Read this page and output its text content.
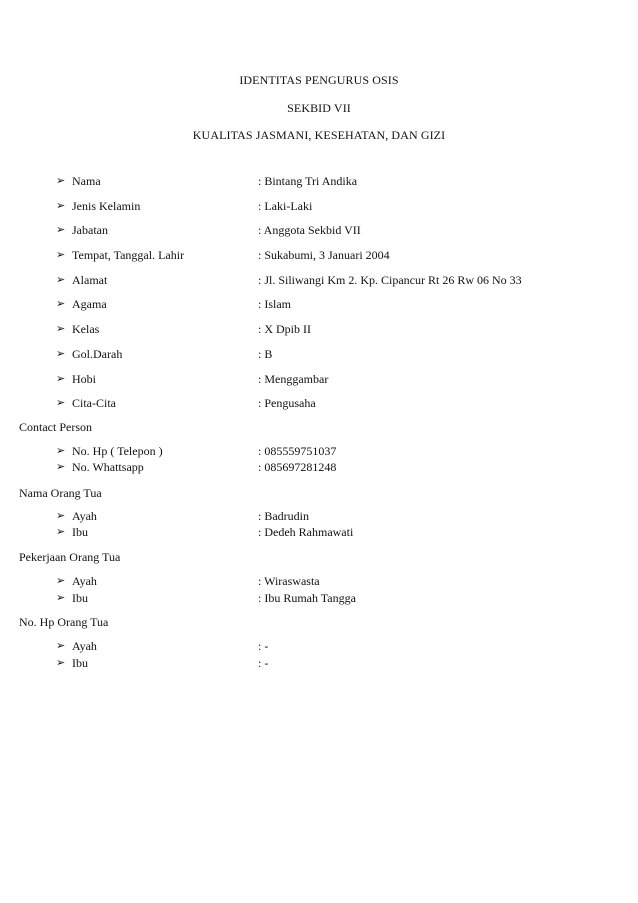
IDENTITAS PENGURUS OSIS
SEKBID VII
KUALITAS JASMANI, KESEHATAN, DAN GIZI
➢ Nama	: Bintang Tri Andika
➢ Jenis Kelamin	: Laki-Laki
➢ Jabatan	: Anggota Sekbid VII
➢ Tempat, Tanggal. Lahir	: Sukabumi, 3 Januari 2004
➢ Alamat	: Jl. Siliwangi Km 2. Kp. Cipancur Rt 26 Rw 06 No 33
➢ Agama	: Islam
➢ Kelas	: X Dpib II
➢ Gol.Darah	: B
➢ Hobi	: Menggambar
➢ Cita-Cita	: Pengusaha
Contact Person
➢ No. Hp ( Telepon )	: 085559751037
➢ No. Whattsapp	: 085697281248
Nama Orang Tua
➢ Ayah	: Badrudin
➢ Ibu	: Dedeh Rahmawati
Pekerjaan Orang Tua
➢ Ayah	: Wiraswasta
➢ Ibu	: Ibu Rumah Tangga
No. Hp Orang Tua
➢ Ayah	: -
➢ Ibu	: -
